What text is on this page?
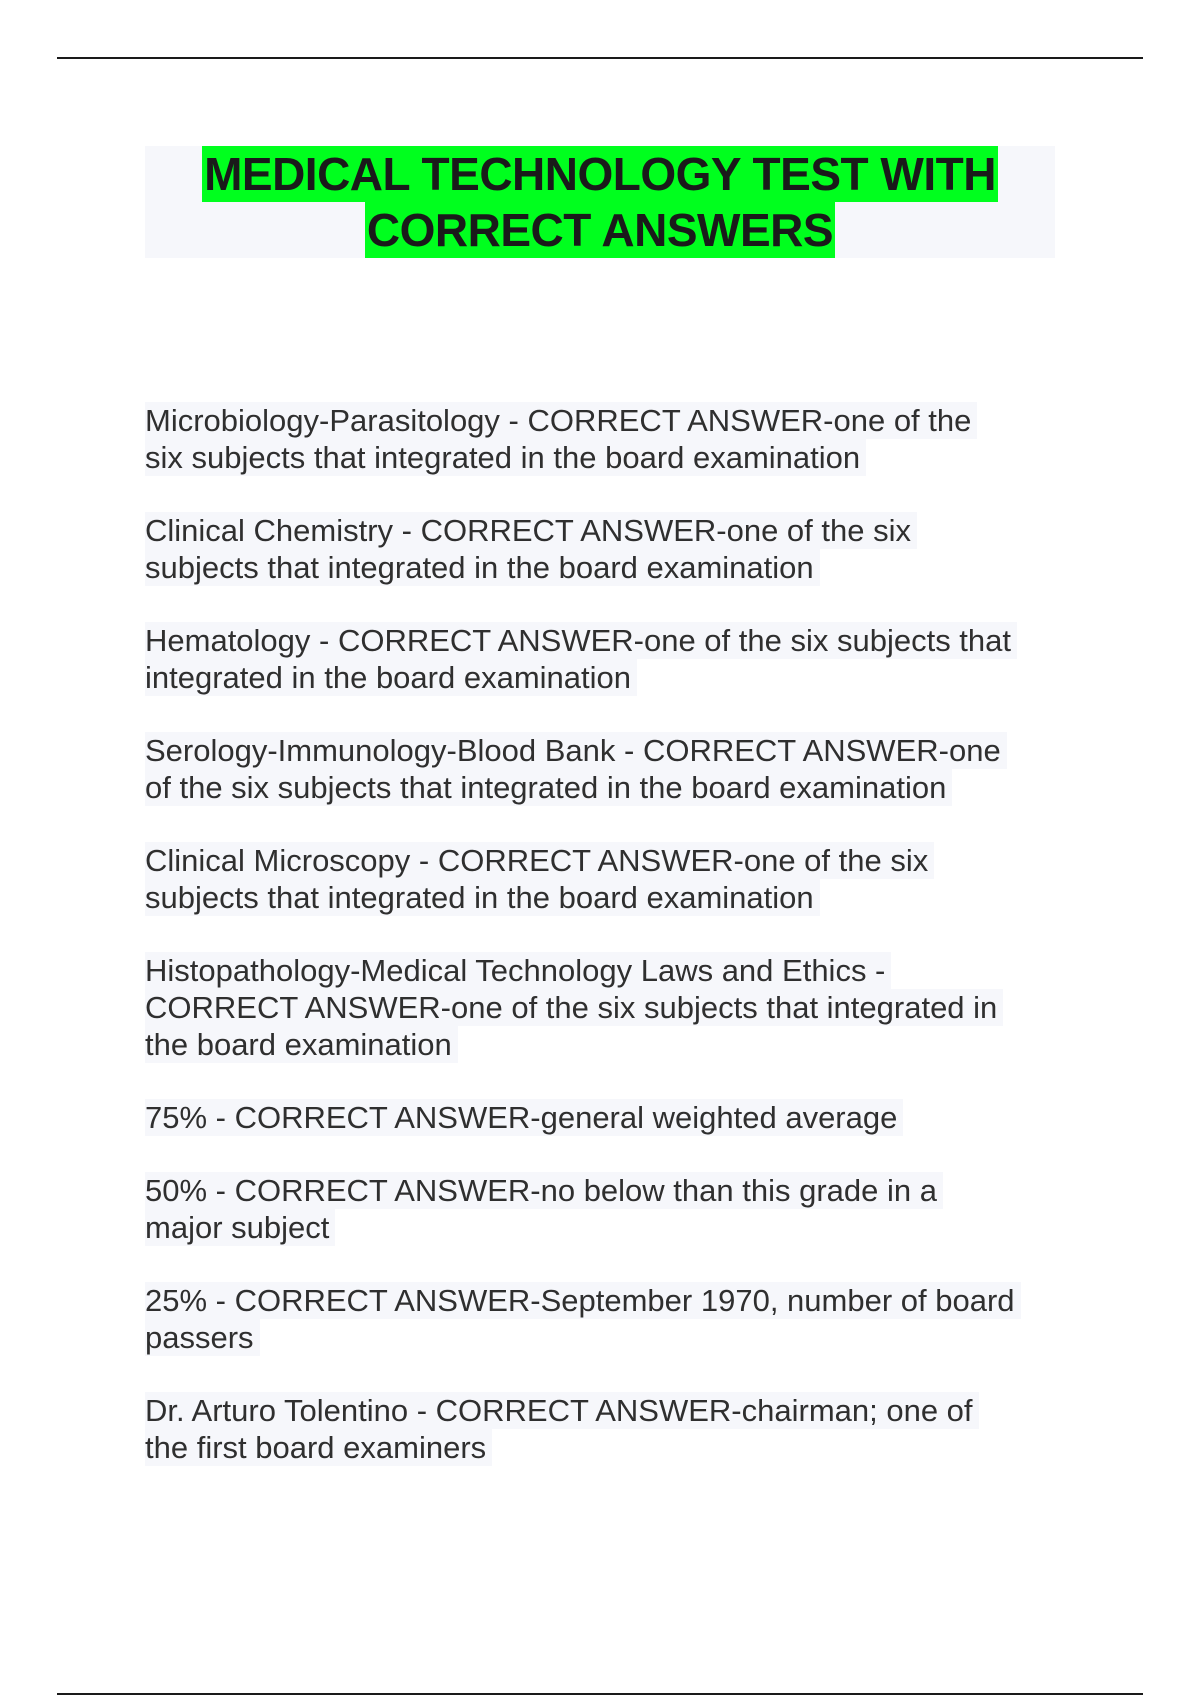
MEDICAL TECHNOLOGY TEST WITH
CORRECT ANSWERS
Microbiology-Parasitology - CORRECT ANSWER-one of the
six subjects that integrated in the board examination
Clinical Chemistry - CORRECT ANSWER-one of the six
subjects that integrated in the board examination
Hematology - CORRECT ANSWER-one of the six subjects that
integrated in the board examination
Serology-Immunology-Blood Bank - CORRECT ANSWER-one
of the six subjects that integrated in the board examination
Clinical Microscopy - CORRECT ANSWER-one of the six
subjects that integrated in the board examination
Histopathology-Medical Technology Laws and Ethics -
CORRECT ANSWER-one of the six subjects that integrated in
the board examination
75% - CORRECT ANSWER-general weighted average
50% - CORRECT ANSWER-no below than this grade in a
major subject
25% - CORRECT ANSWER-September 1970, number of board
passers
Dr. Arturo Tolentino - CORRECT ANSWER-chairman; one of
the first board examiners
